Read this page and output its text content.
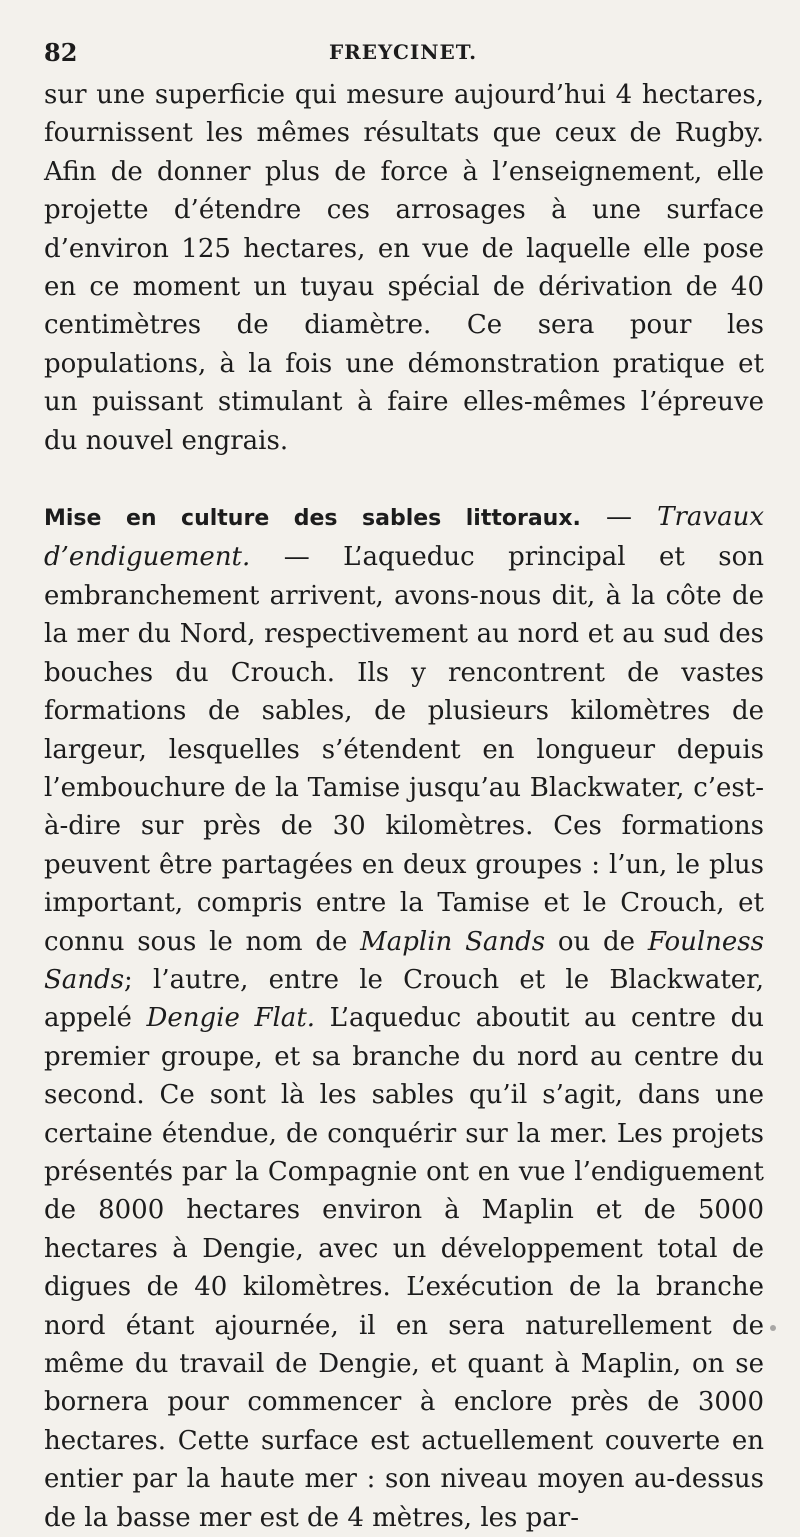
82	FREYCINET.

sur une superficie qui mesure aujourd’hui 4 hectares, fournissent les mêmes résultats que ceux de Rugby. Afin de donner plus de force à l’enseignement, elle projette d’étendre ces arrosages à une surface d’environ 125 hectares, en vue de laquelle elle pose en ce moment un tuyau spécial de dérivation de 40 centimètres de diamètre. Ce sera pour les populations, à la fois une démonstration pratique et un puissant stimulant à faire elles-mêmes l’épreuve du nouvel engrais.

Mise en culture des sables littoraux. — Travaux d’endiguement. — L’aqueduc principal et son embranchement arrivent, avons-nous dit, à la côte de la mer du Nord, respectivement au nord et au sud des bouches du Crouch. Ils y rencontrent de vastes formations de sables, de plusieurs kilomètres de largeur, lesquelles s’étendent en longueur depuis l’embouchure de la Tamise jusqu’au Blackwater, c’est-à-dire sur près de 30 kilomètres. Ces formations peuvent être partagées en deux groupes : l’un, le plus important, compris entre la Tamise et le Crouch, et connu sous le nom de Maplin Sands ou de Foulness Sands; l’autre, entre le Crouch et le Blackwater, appelé Dengie Flat. L’aqueduc aboutit au centre du premier groupe, et sa branche du nord au centre du second. Ce sont là les sables qu’il s’agit, dans une certaine étendue, de conquérir sur la mer. Les projets présentés par la Compagnie ont en vue l’endiguement de 8000 hectares environ à Maplin et de 5000 hectares à Dengie, avec un développement total de digues de 40 kilomètres. L’exécution de la branche nord étant ajournée, il en sera naturellement de même du travail de Dengie, et quant à Maplin, on se bornera pour commencer à enclore près de 3000 hectares. Cette surface est actuellement couverte en entier par la haute mer : son niveau moyen au-dessus de la basse mer est de 4 mètres, les par-
